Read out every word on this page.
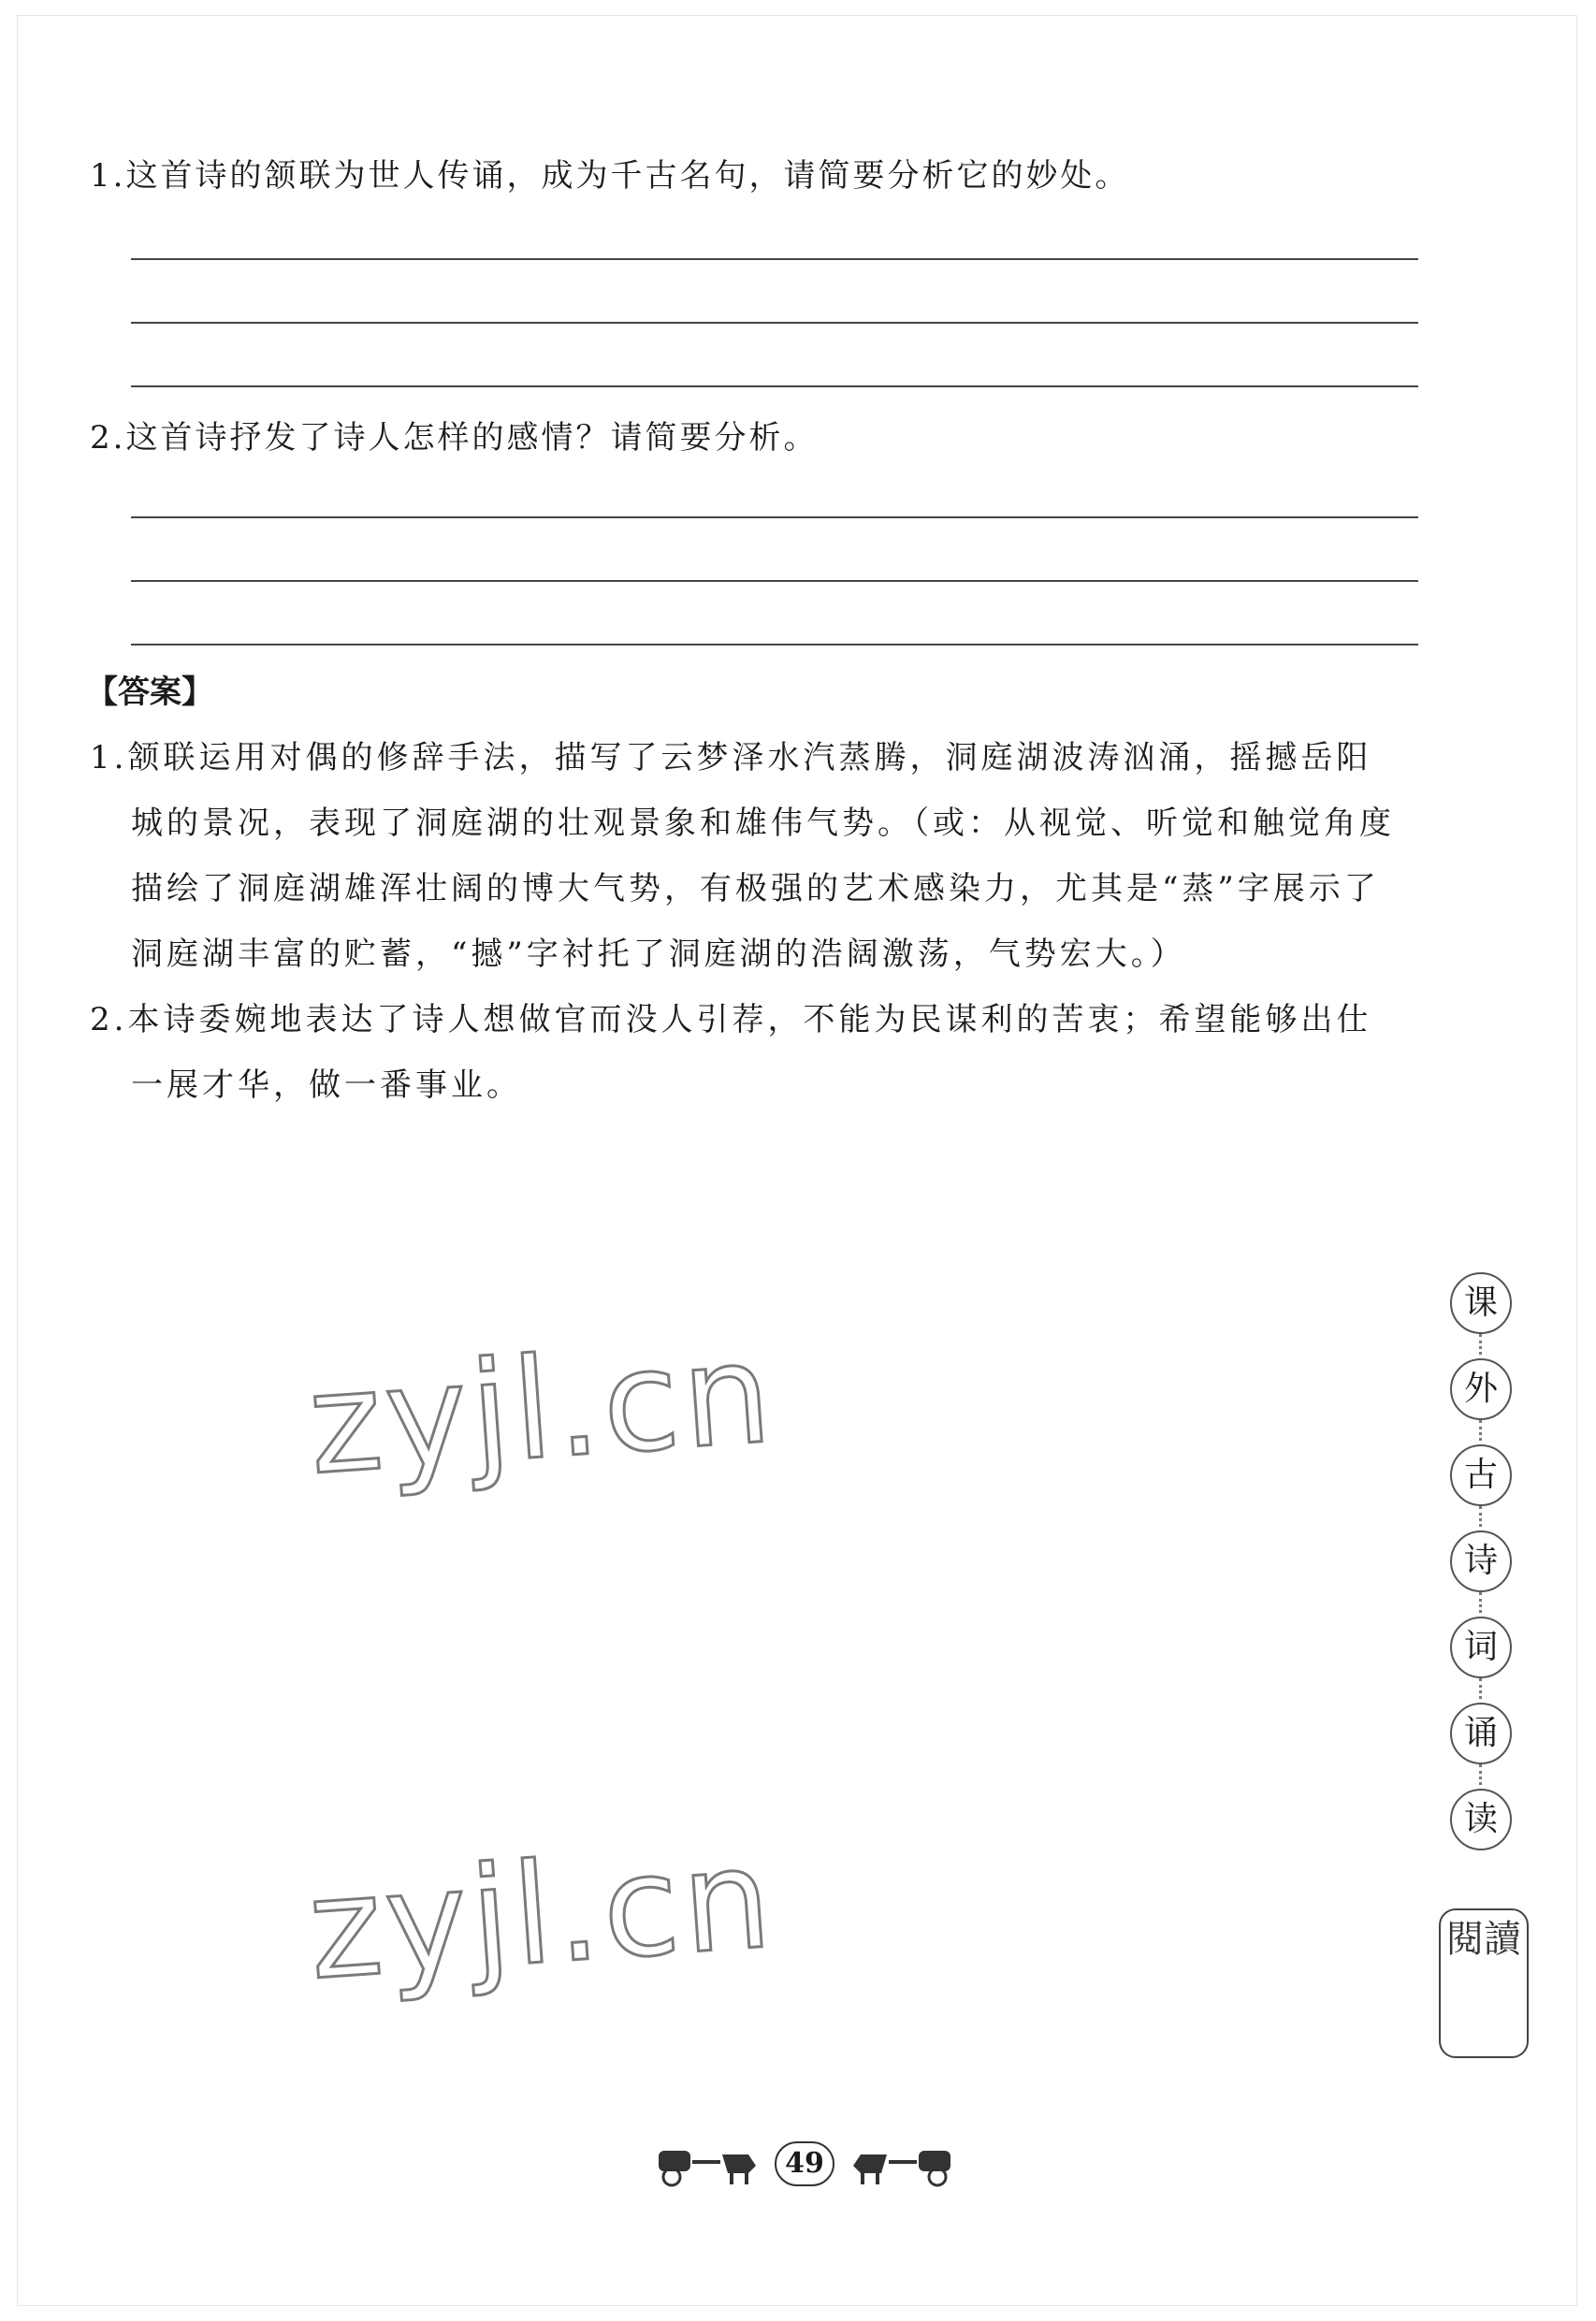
1.这首诗的颔联为世人传诵，成为千古名句，请简要分析它的妙处。
2.这首诗抒发了诗人怎样的感情？请简要分析。
【答案】
1.颔联运用对偶的修辞手法，描写了云梦泽水汽蒸腾，洞庭湖波涛汹涌，摇撼岳阳
城的景况，表现了洞庭湖的壮观景象和雄伟气势。（或：从视觉、听觉和触觉角度
描绘了洞庭湖雄浑壮阔的博大气势，有极强的艺术感染力，尤其是“蒸”字展示了
洞庭湖丰富的贮蓄，“撼”字衬托了洞庭湖的浩阔激荡，气势宏大。）
2.本诗委婉地表达了诗人想做官而没人引荐，不能为民谋利的苦衷；希望能够出仕
一展才华，做一番事业。
zyjl.cn
zyjl.cn
课
外
古
诗
词
诵
读
閱讀
49
